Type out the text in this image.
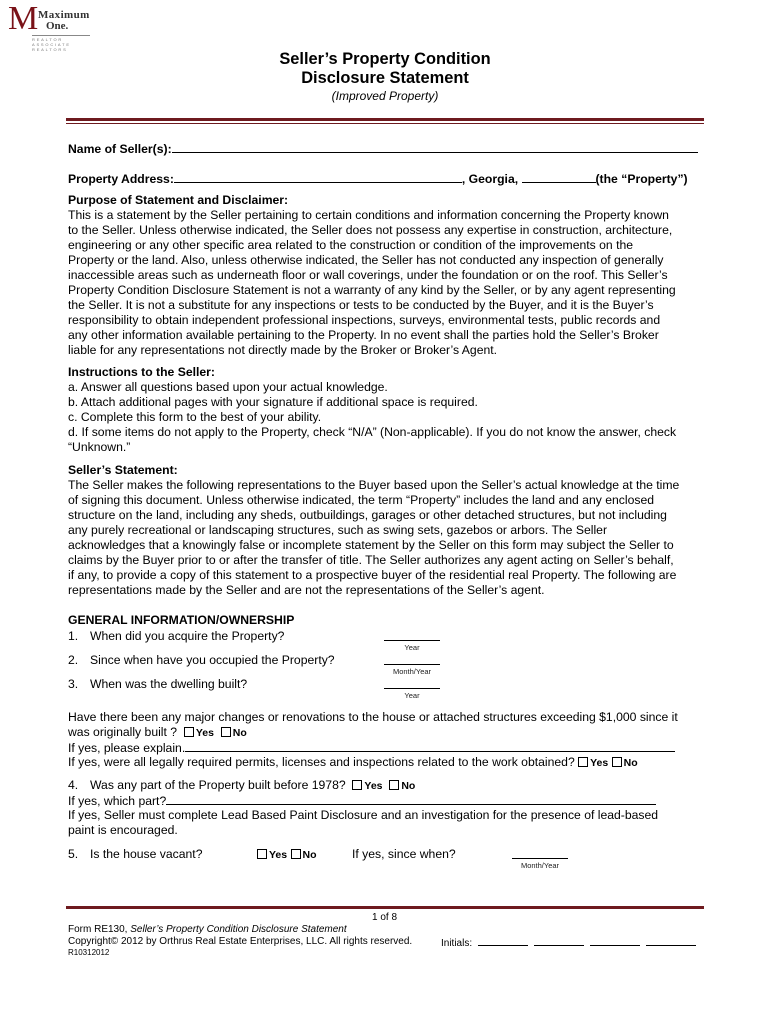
M Maximum
One.
REALTOR ASSOCIATE REALTORS
Seller’s Property Condition
Disclosure Statement
(Improved Property)
Name of Seller(s):
Property Address:	, Georgia,	(the “Property”)

Purpose of Statement and Disclaimer:

This is a statement by the Seller pertaining to certain conditions and information concerning the Property known

to the Seller. Unless otherwise indicated, the Seller does not possess any expertise in construction, architecture,

engineering or any other specific area related to the construction or condition of the improvements on the

Property or the land. Also, unless otherwise indicated, the Seller has not conducted any inspection of generally

inaccessible areas such as underneath floor or wall coverings, under the foundation or on the roof. This Seller’s

Property Condition Disclosure Statement is not a warranty of any kind by the Seller, or by any agent representing

the Seller. It is not a substitute for any inspections or tests to be conducted by the Buyer, and it is the Buyer’s

responsibility to obtain independent professional inspections, surveys, environmental tests, public records and

any other information available pertaining to the Property. In no event shall the parties hold the Seller’s Broker

liable for any representations not directly made by the Broker or Broker’s Agent.

Instructions to the Seller:

a. Answer all questions based upon your actual knowledge.

b. Attach additional pages with your signature if additional space is required.

c. Complete this form to the best of your ability.

d. If some items do not apply to the Property, check “N/A” (Non-applicable). If you do not know the answer, check

“Unknown.”

Seller’s Statement:

The Seller makes the following representations to the Buyer based upon the Seller’s actual knowledge at the time

of signing this document. Unless otherwise indicated, the term “Property” includes the land and any enclosed

structure on the land, including any sheds, outbuildings, garages or other detached structures, but not including

any purely recreational or landscaping structures, such as swing sets, gazebos or arbors. The Seller

acknowledges that a knowingly false or incomplete statement by the Seller on this form may subject the Seller to

claims by the Buyer prior to or after the transfer of title. The Seller authorizes any agent acting on Seller’s behalf,

if any, to provide a copy of this statement to a prospective buyer of the residential real Property. The following are

representations made by the Seller and are not the representations of the Seller’s agent.

GENERAL INFORMATION/OWNERSHIP
1. When did you acquire the Property?
Year
2. Since when have you occupied the Property?
Month/Year
3. When was the dwelling built?
Year
Have there been any major changes or renovations to the house or attached structures exceeding $1,000 since it
was originally built ? Yes No
If yes, please explain.
If yes, were all legally required permits, licenses and inspections related to the work obtained? Yes No
4. Was any part of the Property built before 1978? Yes No
If yes, which part?
If yes, Seller must complete Lead Based Paint Disclosure and an investigation for the presence of lead-based
paint is encouraged.
5. Is the house vacant?	Yes No	If yes, since when?
Month/Year
1 of 8
Form RE130, Seller’s Property Condition Disclosure Statement
Copyright© 2012 by Orthrus Real Estate Enterprises, LLC. All rights reserved.	Initials:
R10312012
